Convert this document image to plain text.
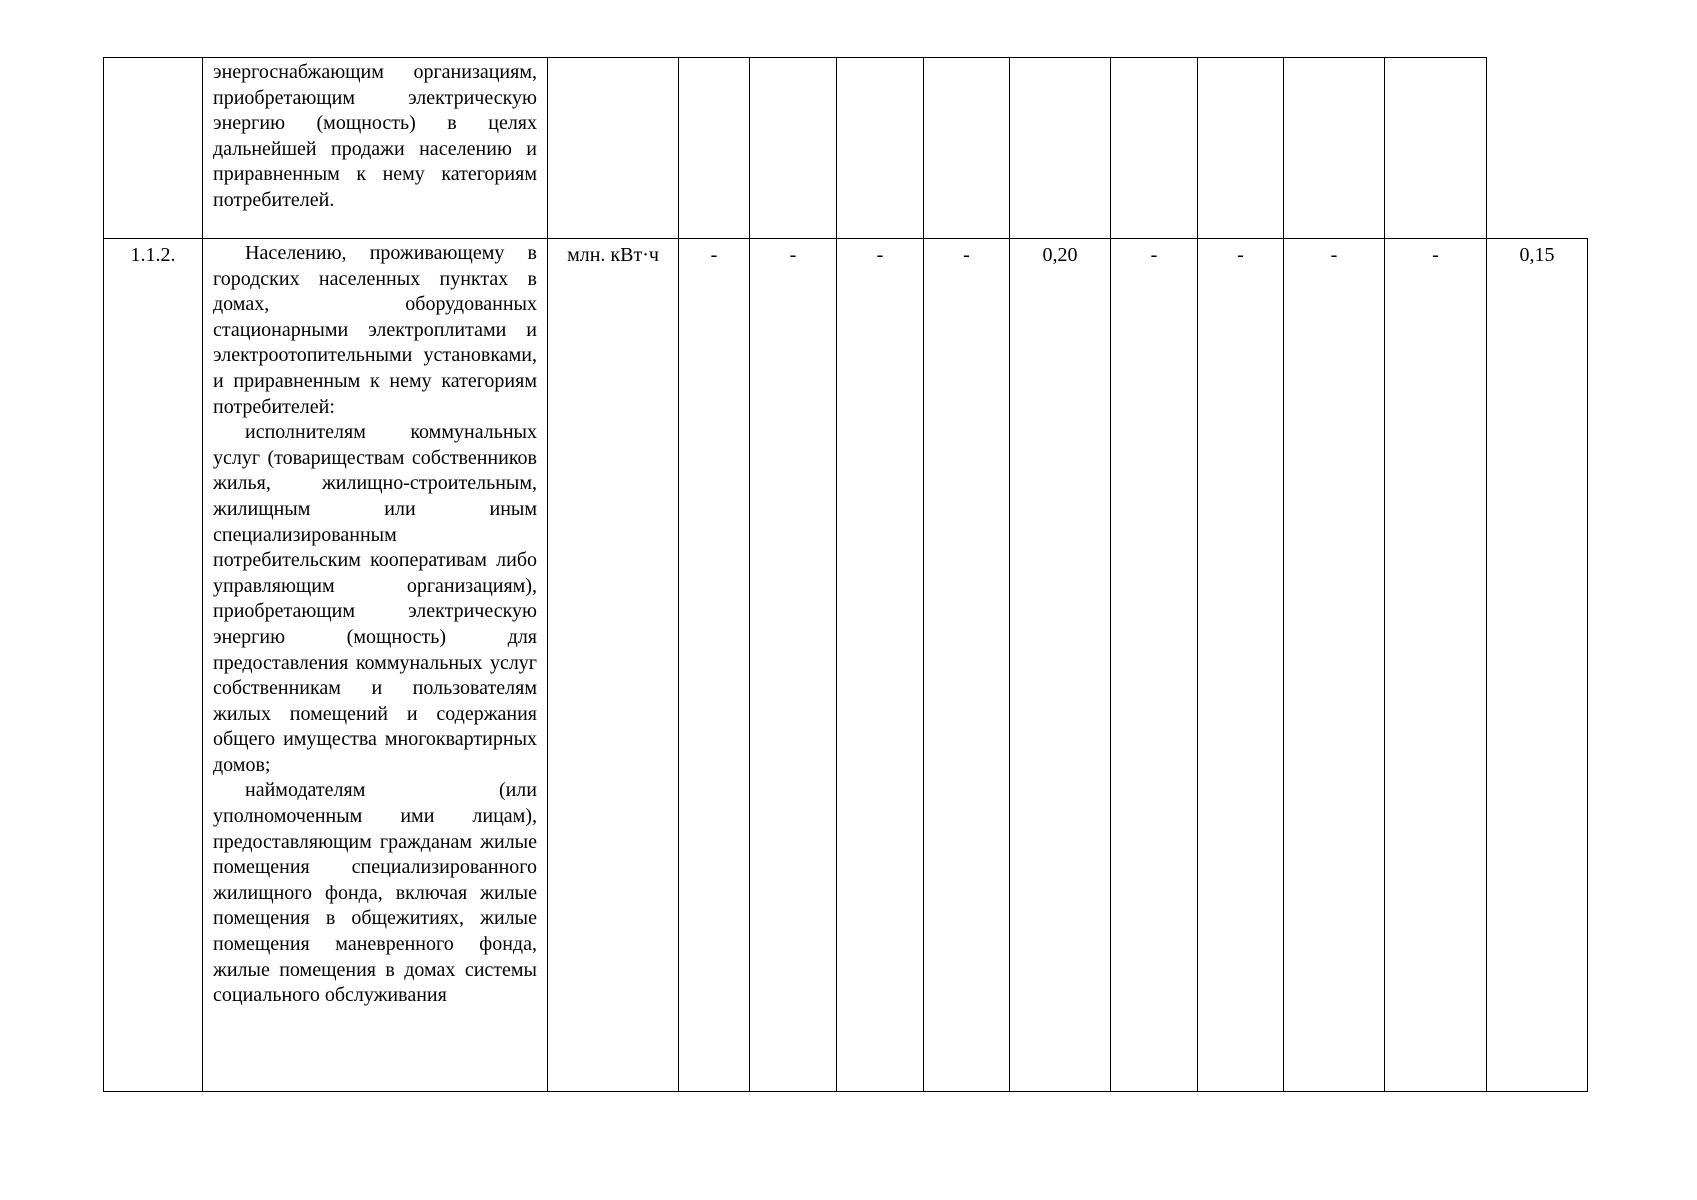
	энергоснабжающим организациям, приобретающим электрическую энергию (мощность) в целях дальнейшей продажи населению и приравненным к нему категориям потребителей.											

1.1.2.	Населению, проживающему в городских населенных пунктах в домах, оборудованных стационарными электроплитами и электроотопительными установками, и приравненным к нему категориям потребителей:

исполнителям коммунальных услуг (товариществам собственников жилья, жилищно-строительным, жилищным или иным специализированным потребительским кооперативам либо управляющим организациям), приобретающим электрическую энергию (мощность) для предоставления коммунальных услуг собственникам и пользователям жилых помещений и содержания общего имущества многоквартирных домов;

наймодателям (или уполномоченным ими лицам), предоставляющим гражданам жилые помещения специализированного жилищного фонда, включая жилые помещения в общежитиях, жилые помещения маневренного фонда, жилые помещения в домах системы социального обслуживания	млн. кВт·ч	-	-	-	-	0,20	-	-	-	-	0,15
